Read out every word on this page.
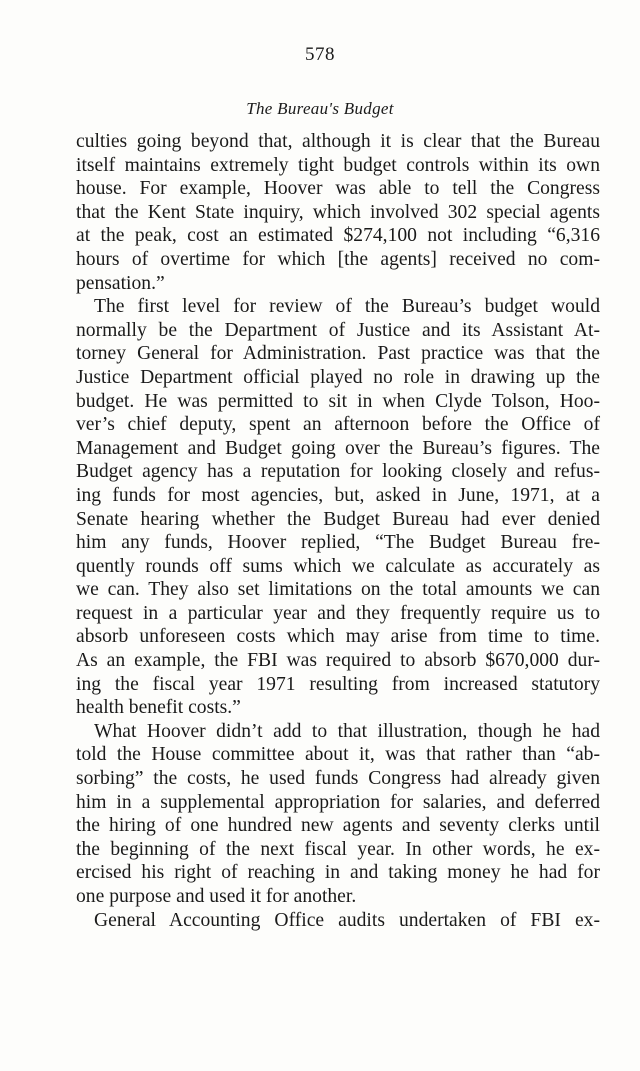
578
The Bureau's Budget
culties going beyond that, although it is clear that the Bureau
itself maintains extremely tight budget controls within its own
house. For example, Hoover was able to tell the Congress
that the Kent State inquiry, which involved 302 special agents
at the peak, cost an estimated $274,100 not including “6,316
hours of overtime for which [the agents] received no com-
pensation.”
The first level for review of the Bureau’s budget would
normally be the Department of Justice and its Assistant At-
torney General for Administration. Past practice was that the
Justice Department official played no role in drawing up the
budget. He was permitted to sit in when Clyde Tolson, Hoo-
ver’s chief deputy, spent an afternoon before the Office of
Management and Budget going over the Bureau’s figures. The
Budget agency has a reputation for looking closely and refus-
ing funds for most agencies, but, asked in June, 1971, at a
Senate hearing whether the Budget Bureau had ever denied
him any funds, Hoover replied, “The Budget Bureau fre-
quently rounds off sums which we calculate as accurately as
we can. They also set limitations on the total amounts we can
request in a particular year and they frequently require us to
absorb unforeseen costs which may arise from time to time.
As an example, the FBI was required to absorb $670,000 dur-
ing the fiscal year 1971 resulting from increased statutory
health benefit costs.”
What Hoover didn’t add to that illustration, though he had
told the House committee about it, was that rather than “ab-
sorbing” the costs, he used funds Congress had already given
him in a supplemental appropriation for salaries, and deferred
the hiring of one hundred new agents and seventy clerks until
the beginning of the next fiscal year. In other words, he ex-
ercised his right of reaching in and taking money he had for
one purpose and used it for another.
General Accounting Office audits undertaken of FBI ex-
